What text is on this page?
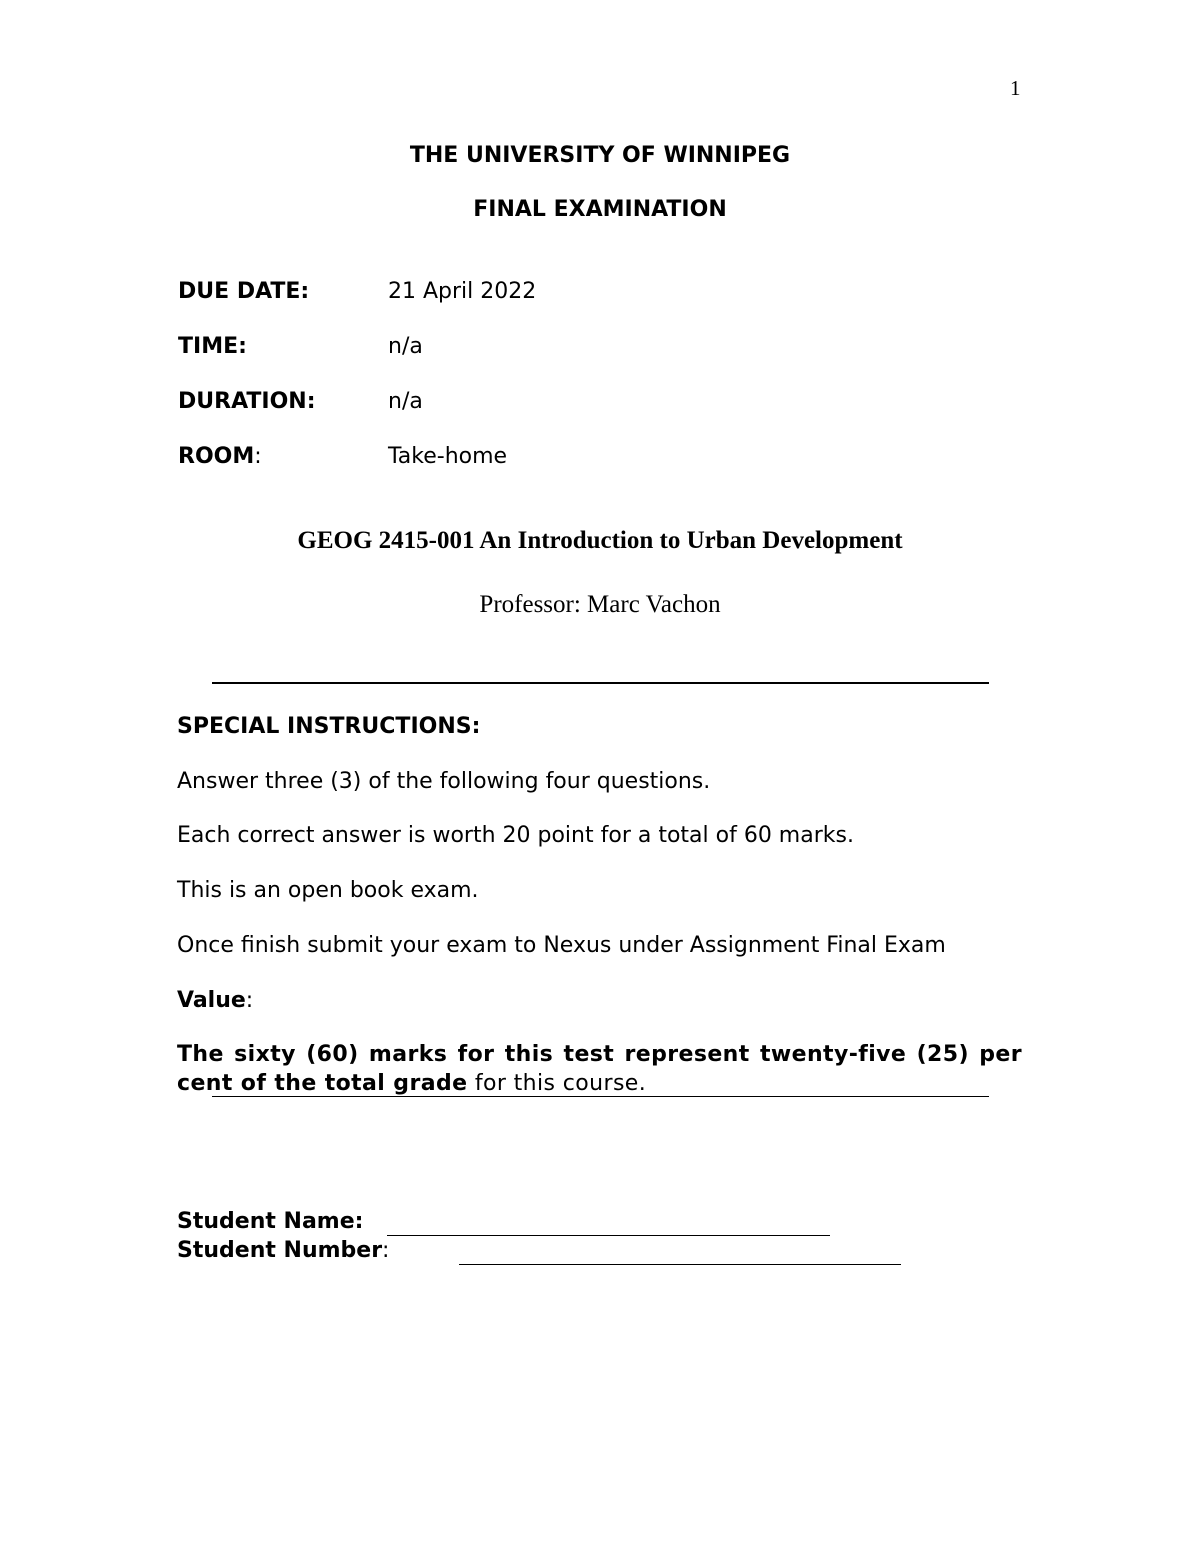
1
THE UNIVERSITY OF WINNIPEG
FINAL EXAMINATION
DUE DATE:	21 April 2022
TIME:	n/a
DURATION:	n/a
ROOM:	Take-home
GEOG 2415-001 An Introduction to Urban Development
Professor: Marc Vachon
SPECIAL INSTRUCTIONS:
Answer three (3) of the following four questions.
Each correct answer is worth 20 point for a total of 60 marks.
This is an open book exam.
Once finish submit your exam to Nexus under Assignment Final Exam
Value:
The sixty (60) marks for this test represent twenty-five (25) per cent of the total grade for this course.
Student Name:
Student Number:
